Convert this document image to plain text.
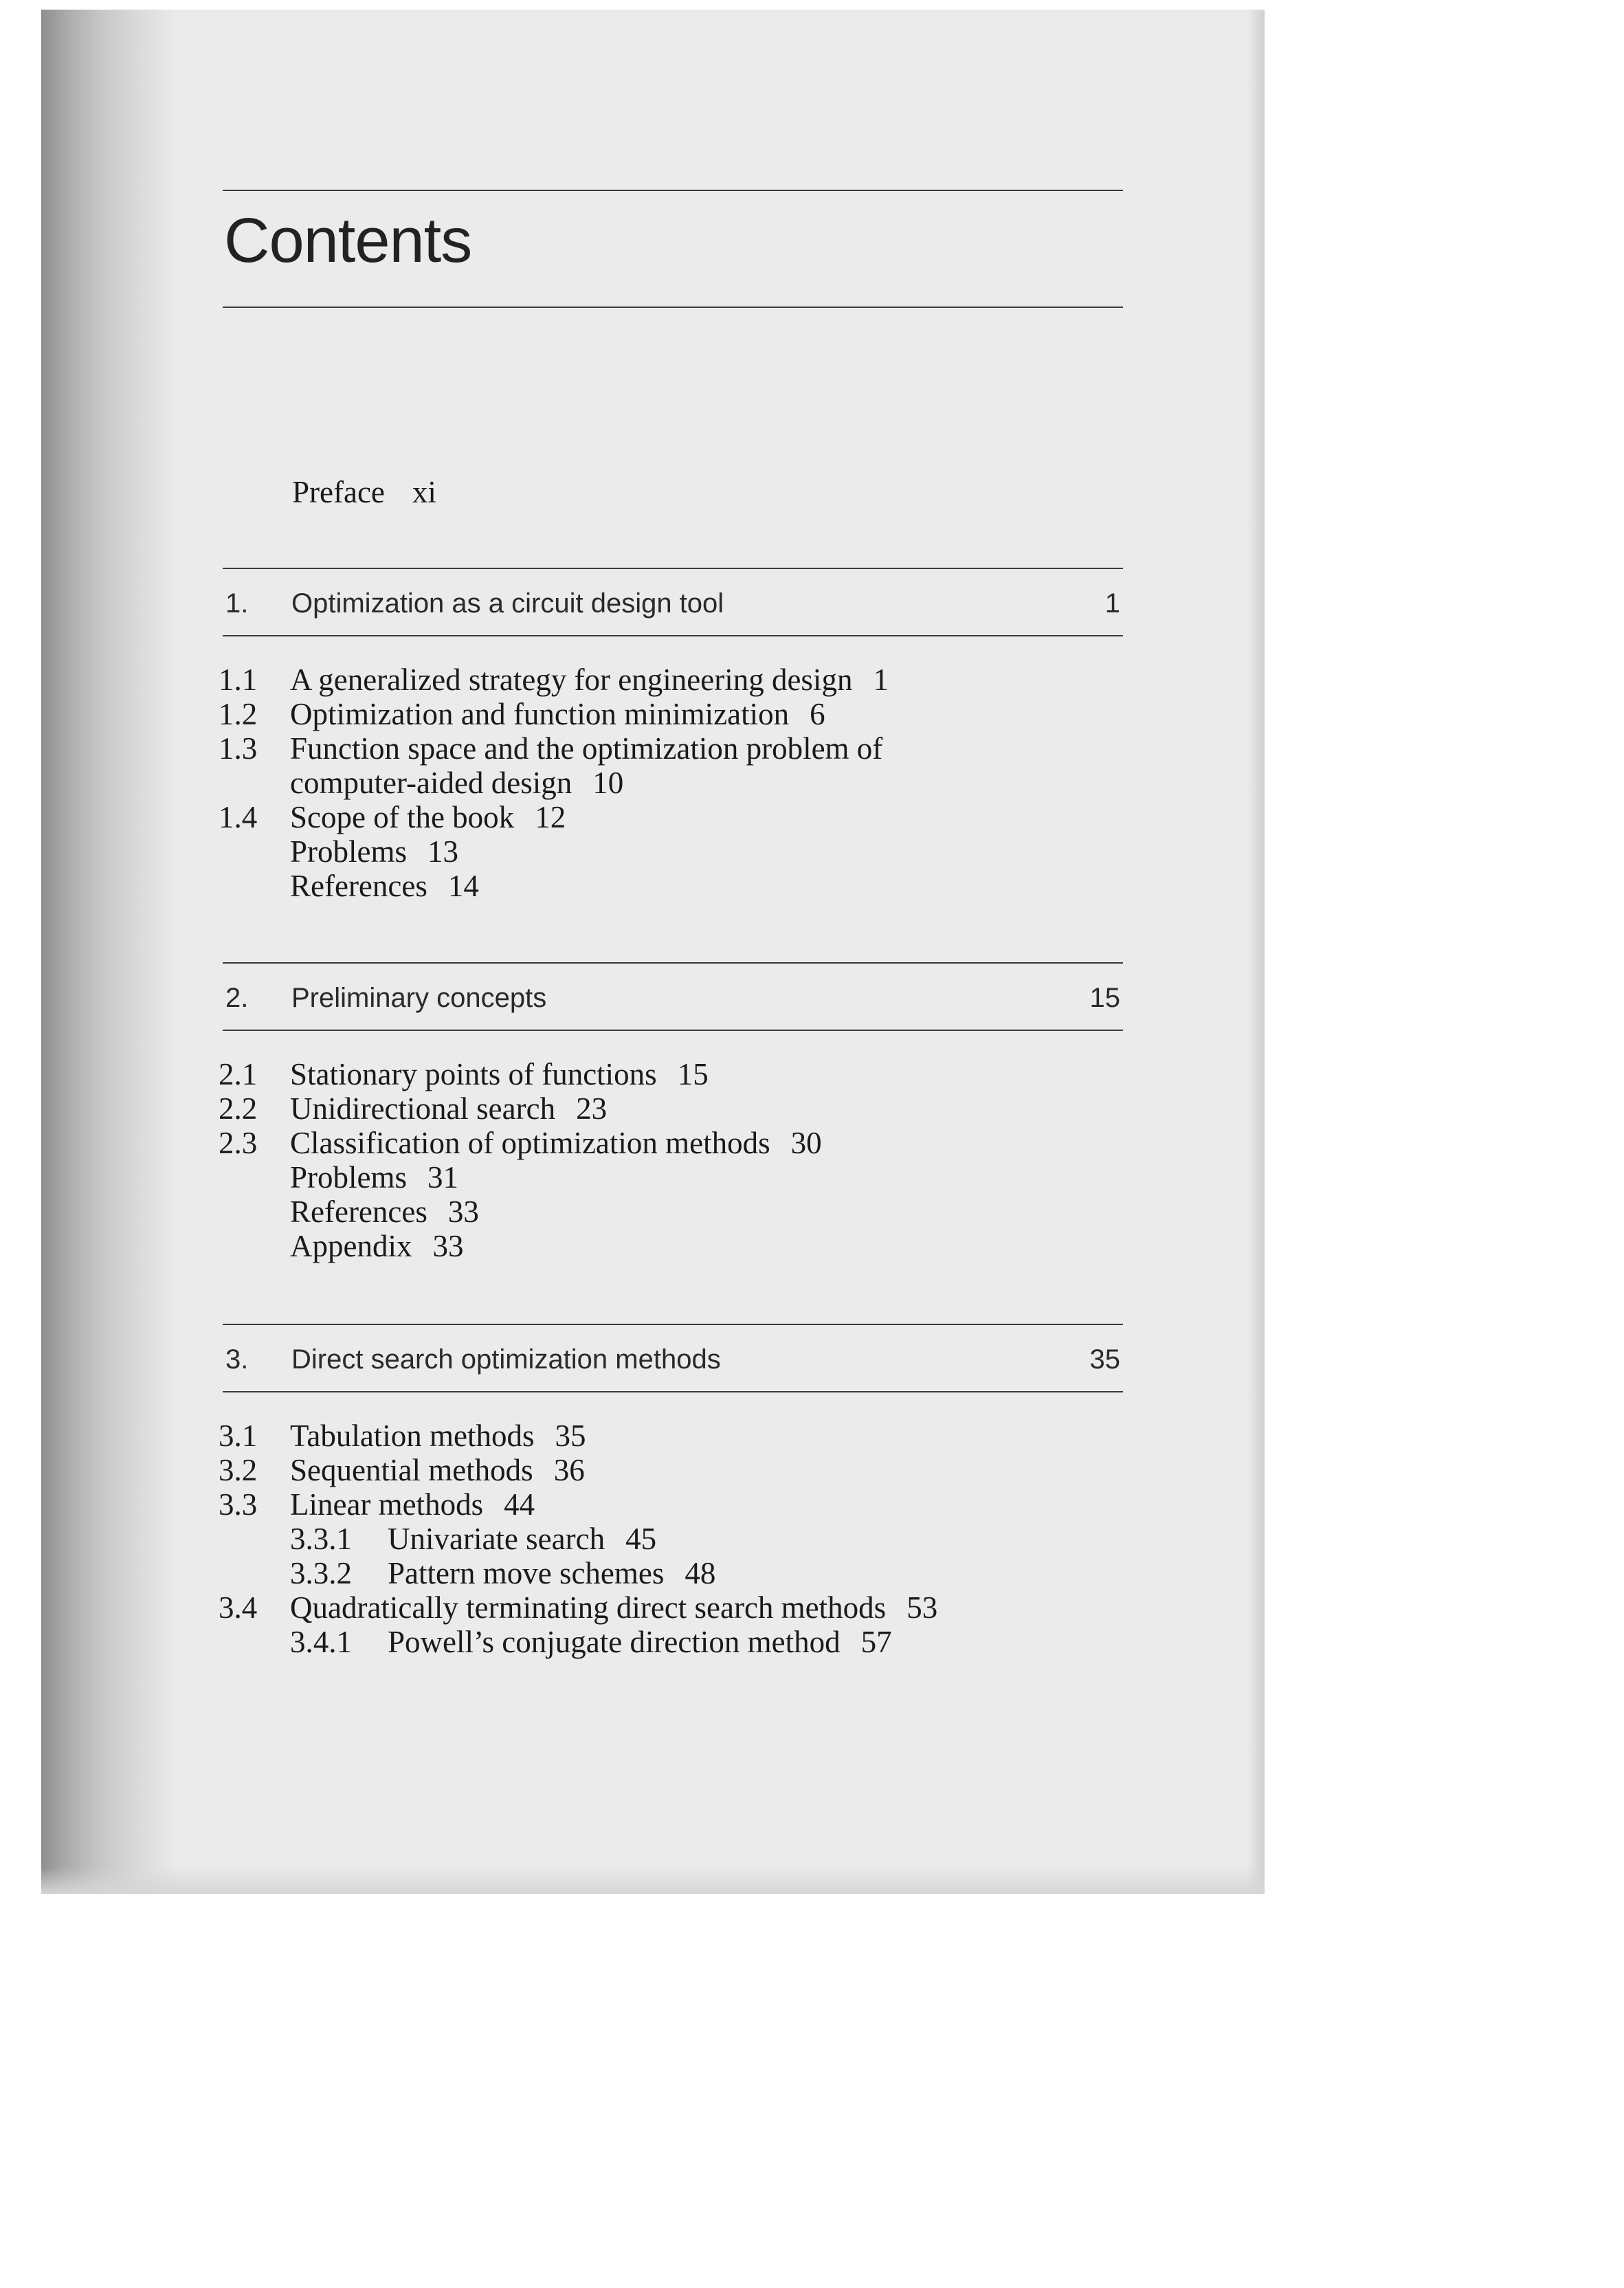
Contents
Preface xi
1. Optimization as a circuit design tool	1
1.1 A generalized strategy for engineering design 1
1.2 Optimization and function minimization 6
1.3 Function space and the optimization problem of
computer-aided design 10
1.4 Scope of the book 12
Problems 13
References 14
2. Preliminary concepts	15
2.1 Stationary points of functions 15
2.2 Unidirectional search 23
2.3 Classification of optimization methods 30
Problems 31
References 33
Appendix 33
3. Direct search optimization methods	35
3.1 Tabulation methods 35
3.2 Sequential methods 36
3.3 Linear methods 44
3.3.1 Univariate search 45
3.3.2 Pattern move schemes 48
3.4 Quadratically terminating direct search methods 53
3.4.1 Powell’s conjugate direction method 57
